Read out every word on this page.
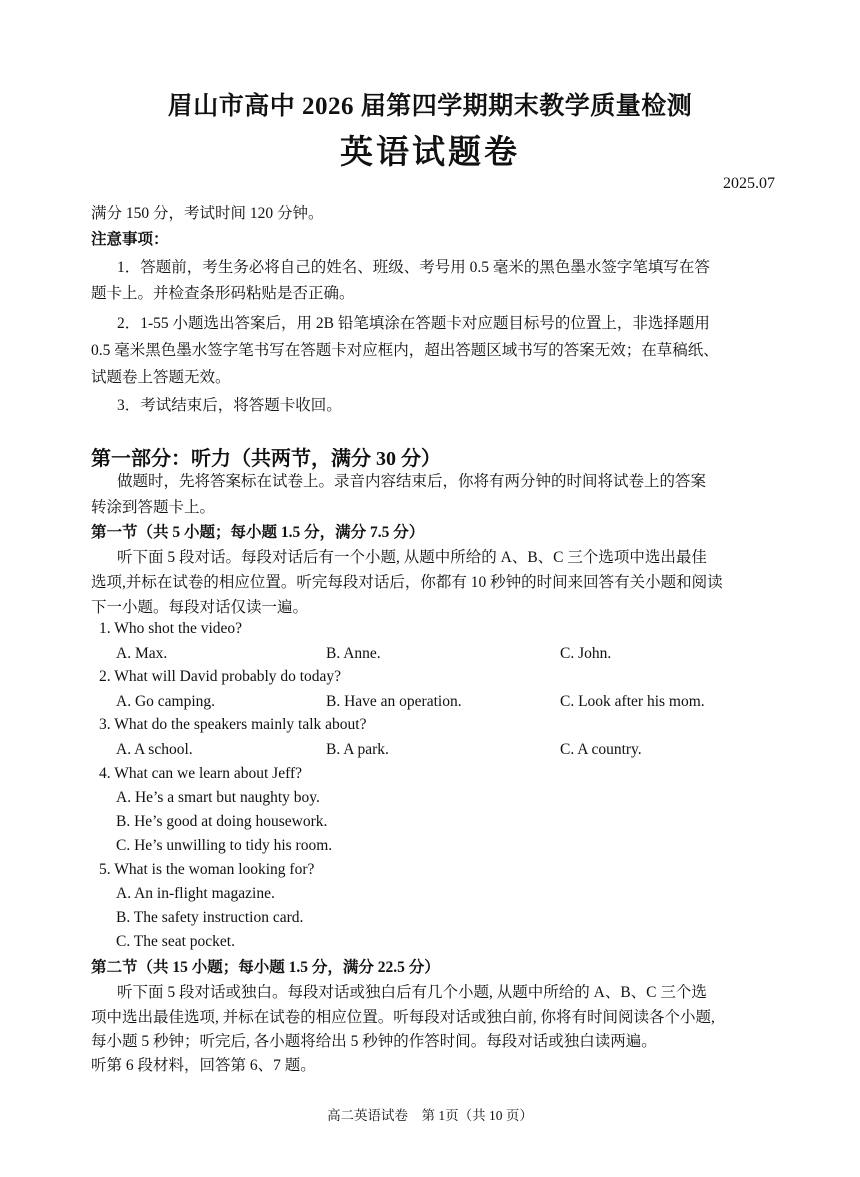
眉山市高中 2026 届第四学期期末教学质量检测
英语试题卷
2025.07
满分 150 分，考试时间 120 分钟。
注意事项：
1．答题前，考生务必将自己的姓名、班级、考号用 0.5 毫米的黑色墨水签字笔填写在答
题卡上。并检查条形码粘贴是否正确。
2．1-55 小题选出答案后，用 2B 铅笔填涂在答题卡对应题目标号的位置上，非选择题用
0.5 毫米黑色墨水签字笔书写在答题卡对应框内，超出答题区域书写的答案无效；在草稿纸、
试题卷上答题无效。
3．考试结束后，将答题卡收回。
第一部分：听力（共两节，满分 30 分）
做题时，先将答案标在试卷上。录音内容结束后，你将有两分钟的时间将试卷上的答案
转涂到答题卡上。
第一节（共 5 小题；每小题 1.5 分，满分 7.5 分）
听下面 5 段对话。每段对话后有一个小题, 从题中所给的 A、B、C 三个选项中选出最佳
选项,并标在试卷的相应位置。听完每段对话后，你都有 10 秒钟的时间来回答有关小题和阅读
下一小题。每段对话仅读一遍。
1. Who shot the video?
A. Max.	B. Anne.	C. John.
2. What will David probably do today?
A. Go camping.	B. Have an operation.	C. Look after his mom.
3. What do the speakers mainly talk about?
A. A school.	B. A park.	C. A country.
4. What can we learn about Jeff?
A. He’s a smart but naughty boy.
B. He’s good at doing housework.
C. He’s unwilling to tidy his room.
5. What is the woman looking for?
A. An in-flight magazine.
B. The safety instruction card.
C. The seat pocket.
第二节（共 15 小题；每小题 1.5 分，满分 22.5 分）
听下面 5 段对话或独白。每段对话或独白后有几个小题, 从题中所给的 A、B、C 三个选
项中选出最佳选项, 并标在试卷的相应位置。听每段对话或独白前, 你将有时间阅读各个小题,
每小题 5 秒钟；听完后, 各小题将给出 5 秒钟的作答时间。每段对话或独白读两遍。
听第 6 段材料，回答第 6、7 题。
高二英语试卷　第 1页（共 10 页）
